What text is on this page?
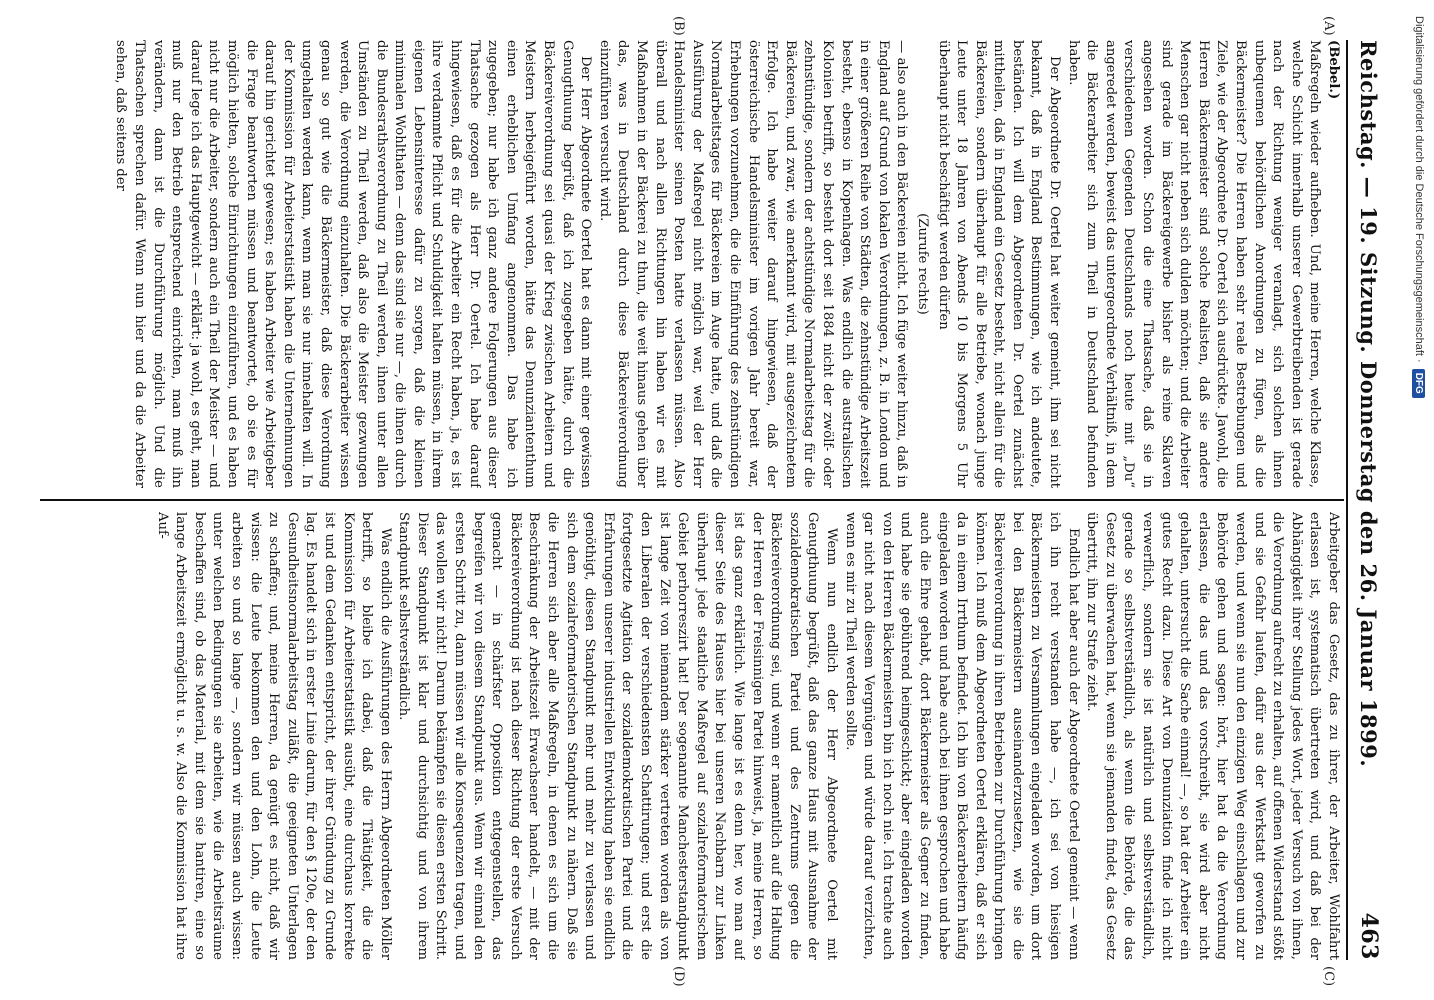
Reichstag. — 19. Sitzung. Donnerstag den 26. Januar 1899.
463
(A)
(B)
(C)
(D)

(Bebel.)

Maßregeln wieder aufheben. Und, meine Herren, welche Klasse, welche Schicht innerhalb unserer Gewerbtreibenden ist gerade nach der Richtung weniger veranlagt, sich solchen ihnen unbequemen behördlichen Anordnungen zu fügen, als die Bäckermeister? Die Herren haben sehr reale Bestrebungen und Ziele, wie der Abgeordnete Dr. Oertel sich ausdrückte. Jawohl, die Herren Bäckermeister sind solche Realisten, daß sie andere Menschen gar nicht neben sich dulden möchten; und die Arbeiter sind gerade im Bäckereigewerbe bisher als reine Sklaven angesehen worden. Schon die eine Thatsache, daß sie in verschiedenen Gegenden Deutschlands noch heute mit „Du“ angeredet werden, beweist das untergeordnete Verhältniß, in dem die Bäckerarbeiter sich zum Theil in Deutschland befunden haben.

Der Abgeordnete Dr. Oertel hat weiter gemeint, ihm sei nicht bekannt, daß in England Bestimmungen, wie ich andeutete, beständen. Ich will dem Abgeordneten Dr. Oertel zunächst mittheilen, daß in England ein Gesetz besteht, nicht allein für die Bäckereien, sondern überhaupt für alle Betriebe, wonach junge Leute unter 18 Jahren von Abends 10 bis Morgens 5 Uhr überhaupt nicht beschäftigt werden dürfen

(Zurufe rechts)

— also auch in den Bäckereien nicht. Ich füge weiter hinzu, daß in England auf Grund von lokalen Verordnungen, z. B. in London und in einer größeren Reihe von Städten, die zehnstündige Arbeitszeit besteht, ebenso in Kopenhagen. Was endlich die australischen Kolonien betrifft, so besteht dort seit 1884 nicht der zwölf- oder zehnstündige, sondern der achtstündige Normalarbeitstag für die Bäckereien, und zwar, wie anerkannt wird, mit ausgezeichnetem Erfolge. Ich habe weiter darauf hingewiesen, daß der österreichische Handelsminister im vorigen Jahr bereit war, Erhebungen vorzunehmen, die die Einführung des zehnstündigen Normalarbeitstages für Bäckereien im Auge hatte, und daß die Ausführung der Maßregel nicht möglich war, weil der Herr Handelsminister seinen Posten hatte verlassen müssen. Also überall und nach allen Richtungen hin haben wir es mit Maßnahmen in der Bäckerei zu thun, die weit hinaus gehen über das, was in Deutschland durch diese Bäckereiverordnung einzuführen versucht wird.

Der Herr Abgeordnete Oertel hat es dann mit einer gewissen Genugthuung begrüßt, daß ich zugegeben hätte, durch die Bäckereiverordnung sei quasi der Krieg zwischen Arbeitern und Meistern herbeigeführt worden, hätte das Denunziantenthum einen erheblichen Umfang angenommen. Das habe ich zugegeben; nur habe ich ganz andere Folgerungen aus dieser Thatsache gezogen als Herr Dr. Oertel. Ich habe darauf hingewiesen, daß es für die Arbeiter ein Recht haben, ja, es ist ihre verdammte Pflicht und Schuldigkeit halten müssen, in ihrem eigenen Lebensinteresse dafür zu sorgen, daß die kleinen minimalen Wohlthaten — denn das sind sie nur —, die ihnen durch die Bundesrathsverordnung zu Theil werden, ihnen unter allen Umständen zu Theil werden, daß also die Meister gezwungen werden, die Verordnung einzuhalten. Die Bäckerarbeiter wissen genau so gut wie die Bäckermeister, daß diese Verordnung umgehalten werden kann, wenn man sie nur innehalten will. In der Kommission für Arbeiterstatistik haben die Unternehmungen darauf hin gerichtet gewesen; es haben Arbeiter wie Arbeitgeber die Frage beantworten müssen und beantwortet, ob sie es für möglich hielten, solche Einrichtungen einzuführen, und es haben nicht nur die Arbeiter, sondern auch ein Theil der Meister — und darauf lege ich das Hauptgewicht — erklärt: ja wohl, es geht, man muß nur den Betrieb entsprechend einrichten, man muß ihn verändern, dann ist die Durchführung möglich. Und die Thatsachen sprechen dafür. Wenn nun hier und da die Arbeiter sehen, daß seitens der

Arbeitgeber das Gesetz, das zu ihrer, der Arbeiter, Wohlfahrt erlassen ist, systematisch übertreten wird, und daß bei der Abhängigkeit ihrer Stellung jedes Wort, jeder Versuch von ihnen, die Verordnung aufrecht zu erhalten, auf offenen Widerstand stößt und sie Gefahr laufen, dafür aus der Werkstatt geworfen zu werden, und wenn sie nun den einzigen Weg einschlagen und zur Behörde gehen und sagen: hört, hier hat da die Verordnung erlassen, die das und das vorschreibt, sie wird aber nicht gehalten, untersucht die Sache einmal! —, so hat der Arbeiter ein gutes Recht dazu. Diese Art von Denunziation finde ich nicht verwerflich, sondern sie ist natürlich und selbstverständlich, gerade so selbstverständlich, als wenn die Behörde, die das Gesetz zu überwachen hat, wenn sie jemanden findet, das Gesetz übertritt, ihn zur Strafe zieht.

Endlich hat aber auch der Abgeordnete Oertel gemeint — wenn ich ihn recht verstanden habe —, ich sei von hiesigen Bäckermeistern zu Versammlungen eingeladen worden, um dort bei den Bäckermeistern auseinanderzusetzen, wie sie die Bäckereiverordnung in ihren Betrieben zur Durchführung bringen können. Ich muß dem Abgeordneten Oertel erklären, daß er sich da in einem Irrthum befindet. Ich bin von Bäckerarbeitern häufig eingeladen worden und habe auch bei ihnen gesprochen und habe auch die Ehre gehabt, dort Bäckermeister als Gegner zu finden, und habe sie gebührend heimgeschickt; aber eingeladen worden von den Herren Bäckermeistern bin ich noch nie. Ich trachte auch gar nicht nach diesem Vergnügen und würde darauf verzichten, wenn es mir zu Theil werden sollte.

Wenn nun endlich der Herr Abgeordnete Oertel mit Genugthuung begrüßt, daß das ganze Haus mit Ausnahme der sozialdemokratischen Partei und des Zentrums gegen die Bäckereiverordnung sei, und wenn er namentlich auf die Haltung der Herren der Freisinnigen Partei hinweist, ja, meine Herren, so ist das ganz erklärlich. Wie lange ist es denn her, wo man auf dieser Seite des Hauses hier bei unseren Nachbarn zur Linken überhaupt jede staatliche Maßregel auf sozialreformatorischem Gebiet perhorreszirt hat! Der sogenannte Manchesterstandpunkt ist lange Zeit von niemandem stärker vertreten worden als von den Liberalen der verschiedensten Schattirungen; und erst die fortgesetzte Agitation der sozialdemokratischen Partei und die Erfahrungen unserer industriellen Entwicklung haben sie endlich genöthigt, diesen Standpunkt mehr und mehr zu verlassen und sich dem sozialreformatorischen Standpunkt zu nähern. Daß sie die Herren sich aber alle Maßregeln, in denen es sich um die Beschränkung der Arbeitszeit Erwachsener handelt, — mit der Bäckereiverordnung ist nach dieser Richtung der erste Versuch gemacht — in schärfster Opposition entgegenstellen, das begreifen wir von diesem Standpunkt aus. Wenn wir einmal den ersten Schritt zu, dann müssen wir alle Konsequenzen tragen, und das wollen wir nicht! Darum bekämpfen sie diesen ersten Schritt. Dieser Standpunkt ist klar und durchsichtig und von ihrem Standpunkt selbstverständlich.

Was endlich die Ausführungen des Herrn Abgeordneten Möller betrifft, so bleibe ich dabei, daß die Thätigkeit, die die Kommission für Arbeiterstatistik ausübt, eine durchaus korrekte ist und dem Gedanken entspricht, der ihrer Gründung zu Grunde lag. Es handelt sich in erster Linie darum, für den § 120e, der den Gesundheitsnormalarbeitstag zuläßt, die geeigneten Unterlagen zu schaffen; und, meine Herren, da genügt es nicht, daß wir wissen: die Leute bekommen den und den Lohn, die Leute arbeiten so und so lange —, sondern wir müssen auch wissen: unter welchen Bedingungen sie arbeiten, wie die Arbeitsräume beschaffen sind, ob das Material, mit dem sie hantiren, eine so lange Arbeitszeit ermöglicht u. s. w. Also die Kommission hat ihre Auf-

Digitalisierung gefördert durch die Deutsche Forschungsgemeinschaft ·
DFG
